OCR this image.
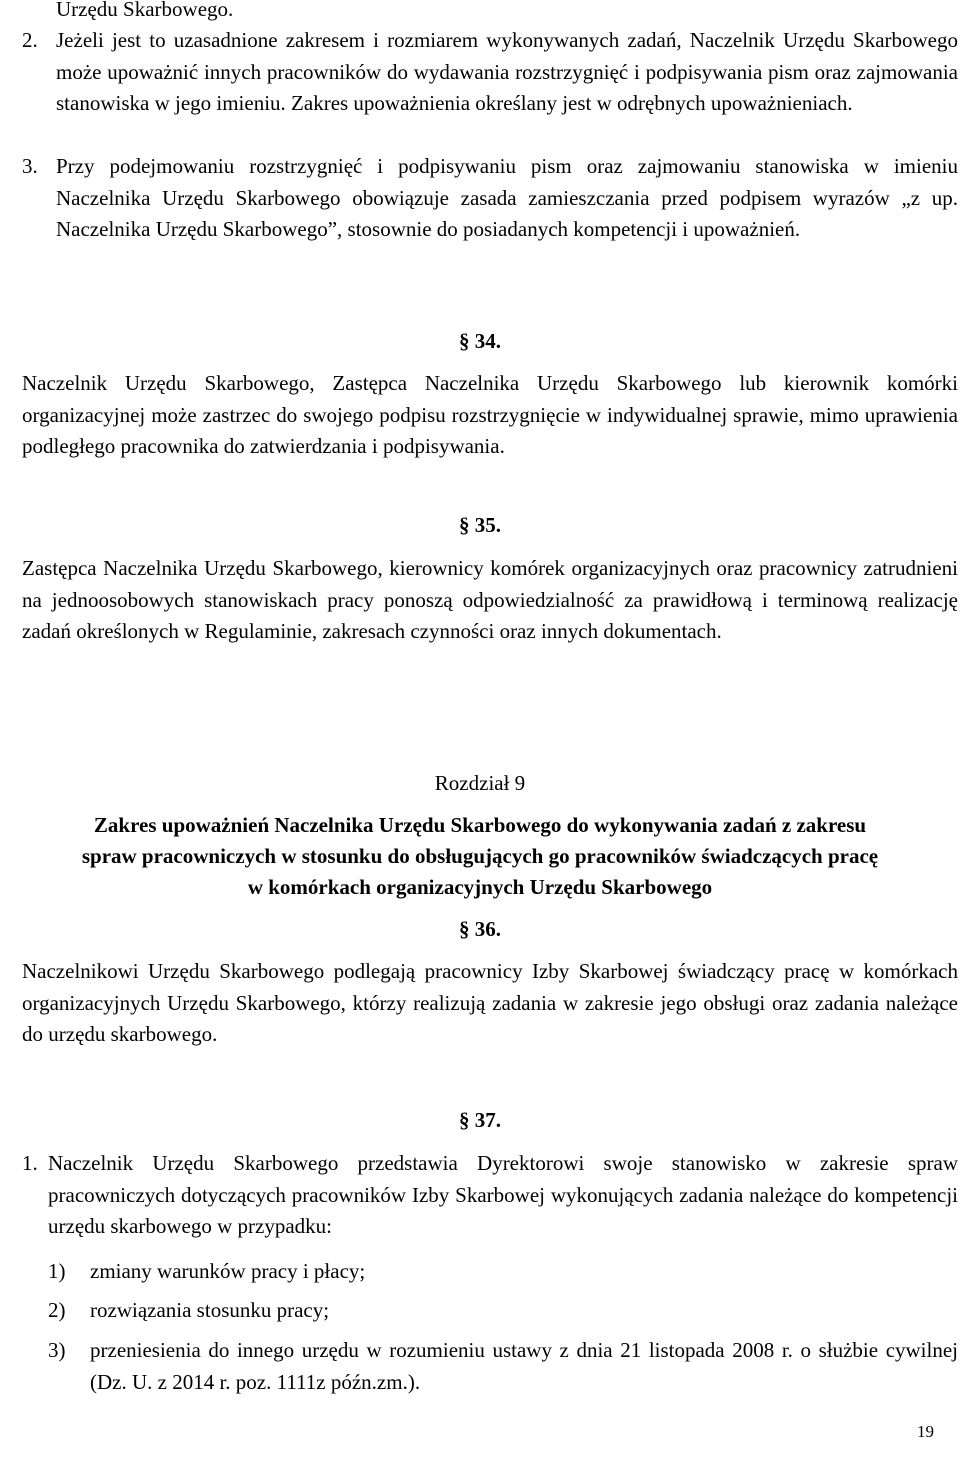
Urzędu Skarbowego.
2. Jeżeli jest to uzasadnione zakresem i rozmiarem wykonywanych zadań, Naczelnik Urzędu Skarbowego może upoważnić innych pracowników do wydawania rozstrzygnięć i podpisywania pism oraz zajmowania stanowiska w jego imieniu. Zakres upoważnienia określany jest w odrębnych upoważnieniach.
3. Przy podejmowaniu rozstrzygnięć i podpisywaniu pism oraz zajmowaniu stanowiska w imieniu Naczelnika Urzędu Skarbowego obowiązuje zasada zamieszczania przed podpisem wyrazów „z up. Naczelnika Urzędu Skarbowego”, stosownie do posiadanych kompetencji i upoważnień.
§ 34.
Naczelnik Urzędu Skarbowego, Zastępca Naczelnika Urzędu Skarbowego lub kierownik komórki organizacyjnej może zastrzec do swojego podpisu rozstrzygnięcie w indywidualnej sprawie, mimo uprawienia podległego pracownika do zatwierdzania i podpisywania.
§ 35.
Zastępca Naczelnika Urzędu Skarbowego, kierownicy komórek organizacyjnych oraz pracownicy zatrudnieni na jednoosobowych stanowiskach pracy ponoszą odpowiedzialność za prawidłową i terminową realizację zadań określonych w Regulaminie, zakresach czynności oraz innych dokumentach.
Rozdział 9
Zakres upoważnień Naczelnika Urzędu Skarbowego do wykonywania zadań z zakresu
spraw pracowniczych w stosunku do obsługujących go pracowników świadczących pracę
w komórkach organizacyjnych Urzędu Skarbowego
§ 36.
Naczelnikowi Urzędu Skarbowego podlegają pracownicy Izby Skarbowej świadczący pracę w komórkach organizacyjnych Urzędu Skarbowego, którzy realizują zadania w zakresie jego obsługi oraz zadania należące do urzędu skarbowego.
§ 37.
1. Naczelnik Urzędu Skarbowego przedstawia Dyrektorowi swoje stanowisko w zakresie spraw pracowniczych dotyczących pracowników Izby Skarbowej wykonujących zadania należące do kompetencji urzędu skarbowego w przypadku:
1) zmiany warunków pracy i płacy;
2) rozwiązania stosunku pracy;
3) przeniesienia do innego urzędu w rozumieniu ustawy z dnia 21 listopada 2008 r. o służbie cywilnej (Dz. U. z 2014 r. poz. 1111z późn.zm.).
19
